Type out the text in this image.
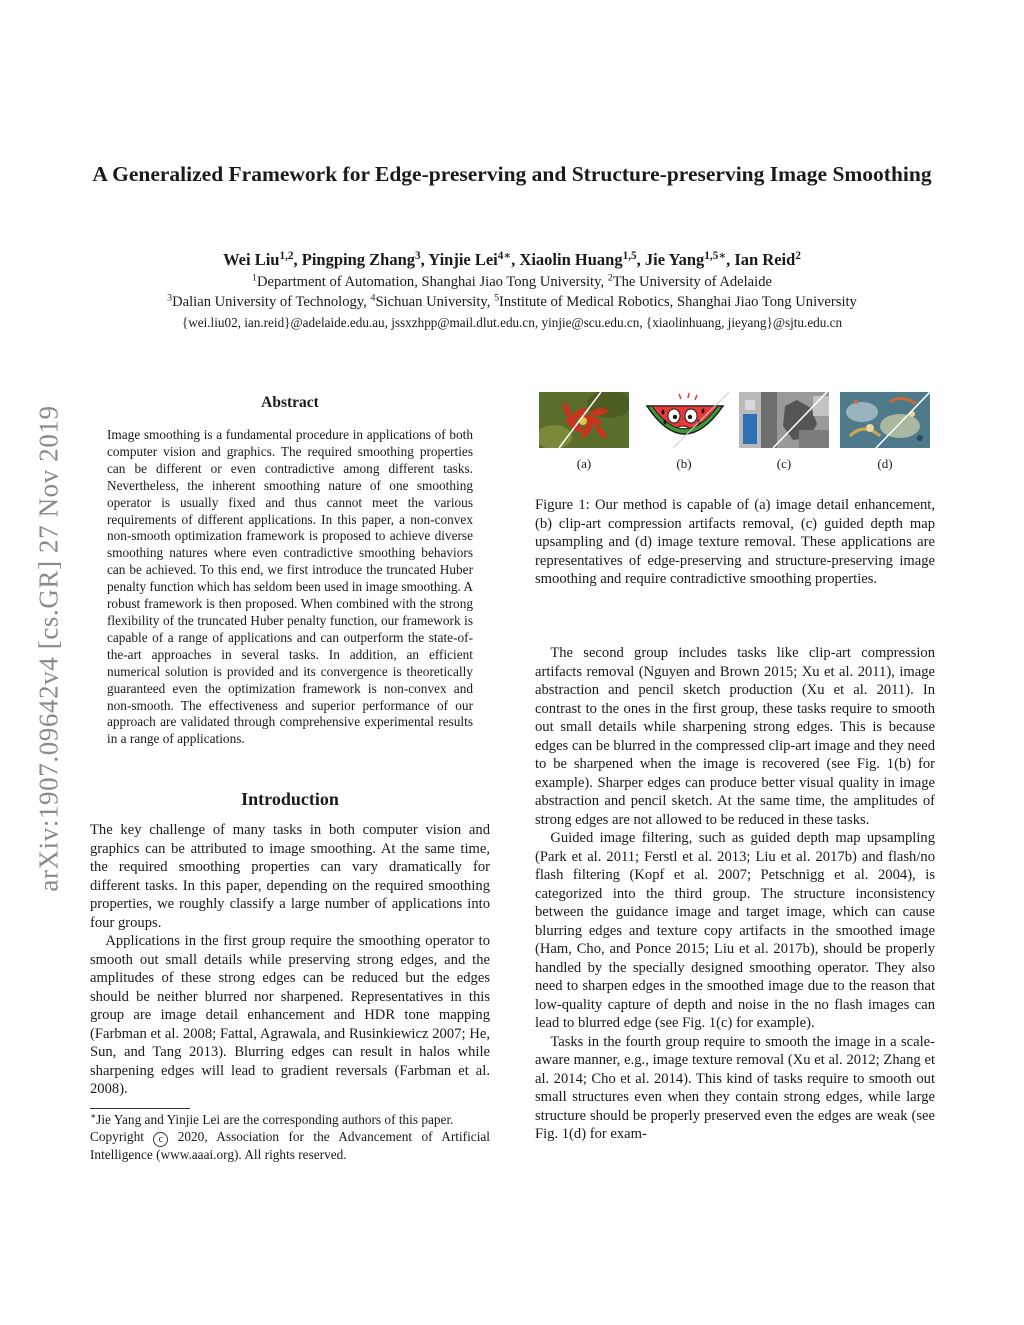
arXiv:1907.09642v4 [cs.GR] 27 Nov 2019
A Generalized Framework for Edge-preserving and Structure-preserving Image Smoothing
Wei Liu$^{1,2}$, Pingping Zhang$^3$, Yinjie Lei$^{4∗}$, Xiaolin Huang$^{1,5}$, Jie Yang$^{1,5∗}$, Ian Reid$^2$
$^1$Department of Automation, Shanghai Jiao Tong University, $^2$The University of Adelaide
$^3$Dalian University of Technology, $^4$Sichuan University, $^5$Institute of Medical Robotics, Shanghai Jiao Tong University
{wei.liu02, ian.reid}@adelaide.edu.au, jssxzhpp@mail.dlut.edu.cn, yinjie@scu.edu.cn, {xiaolinhuang, jieyang}@sjtu.edu.cn
Abstract
Image smoothing is a fundamental procedure in applications of both computer vision and graphics. The required smoothing properties can be different or even contradictive among different tasks. Nevertheless, the inherent smoothing nature of one smoothing operator is usually fixed and thus cannot meet the various requirements of different applications. In this paper, a non-convex non-smooth optimization framework is proposed to achieve diverse smoothing natures where even contradictive smoothing behaviors can be achieved. To this end, we first introduce the truncated Huber penalty function which has seldom been used in image smoothing. A robust framework is then proposed. When combined with the strong flexibility of the truncated Huber penalty function, our framework is capable of a range of applications and can outperform the state-of-the-art approaches in several tasks. In addition, an efficient numerical solution is provided and its convergence is theoretically guaranteed even the optimization framework is non-convex and non-smooth. The effectiveness and superior performance of our approach are validated through comprehensive experimental results in a range of applications.
Introduction

The key challenge of many tasks in both computer vision and graphics can be attributed to image smoothing. At the same time, the required smoothing properties can vary dramatically for different tasks. In this paper, depending on the required smoothing properties, we roughly classify a large number of applications into four groups.

Applications in the first group require the smoothing operator to smooth out small details while preserving strong edges, and the amplitudes of these strong edges can be reduced but the edges should be neither blurred nor sharpened. Representatives in this group are image detail enhancement and HDR tone mapping (Farbman et al. 2008; Fattal, Agrawala, and Rusinkiewicz 2007; He, Sun, and Tang 2013). Blurring edges can result in halos while sharpening edges will lead to gradient reversals (Farbman et al. 2008).

∗Jie Yang and Yinjie Lei are the corresponding authors of this paper.
Copyright c 2020, Association for the Advancement of Artificial Intelligence (www.aaai.org). All rights reserved.
(a)	(b)	(c)	(d)
Figure 1: Our method is capable of (a) image detail enhancement, (b) clip-art compression artifacts removal, (c) guided depth map upsampling and (d) image texture removal. These applications are representatives of edge-preserving and structure-preserving image smoothing and require contradictive smoothing properties.

The second group includes tasks like clip-art compression artifacts removal (Nguyen and Brown 2015; Xu et al. 2011), image abstraction and pencil sketch production (Xu et al. 2011). In contrast to the ones in the first group, these tasks require to smooth out small details while sharpening strong edges. This is because edges can be blurred in the compressed clip-art image and they need to be sharpened when the image is recovered (see Fig. 1(b) for example). Sharper edges can produce better visual quality in image abstraction and pencil sketch. At the same time, the amplitudes of strong edges are not allowed to be reduced in these tasks.

Guided image filtering, such as guided depth map upsampling (Park et al. 2011; Ferstl et al. 2013; Liu et al. 2017b) and flash/no flash filtering (Kopf et al. 2007; Petschnigg et al. 2004), is categorized into the third group. The structure inconsistency between the guidance image and target image, which can cause blurring edges and texture copy artifacts in the smoothed image (Ham, Cho, and Ponce 2015; Liu et al. 2017b), should be properly handled by the specially designed smoothing operator. They also need to sharpen edges in the smoothed image due to the reason that low-quality capture of depth and noise in the no flash images can lead to blurred edge (see Fig. 1(c) for example).

Tasks in the fourth group require to smooth the image in a scale-aware manner, e.g., image texture removal (Xu et al. 2012; Zhang et al. 2014; Cho et al. 2014). This kind of tasks require to smooth out small structures even when they contain strong edges, while large structure should be properly preserved even the edges are weak (see Fig. 1(d) for exam-
